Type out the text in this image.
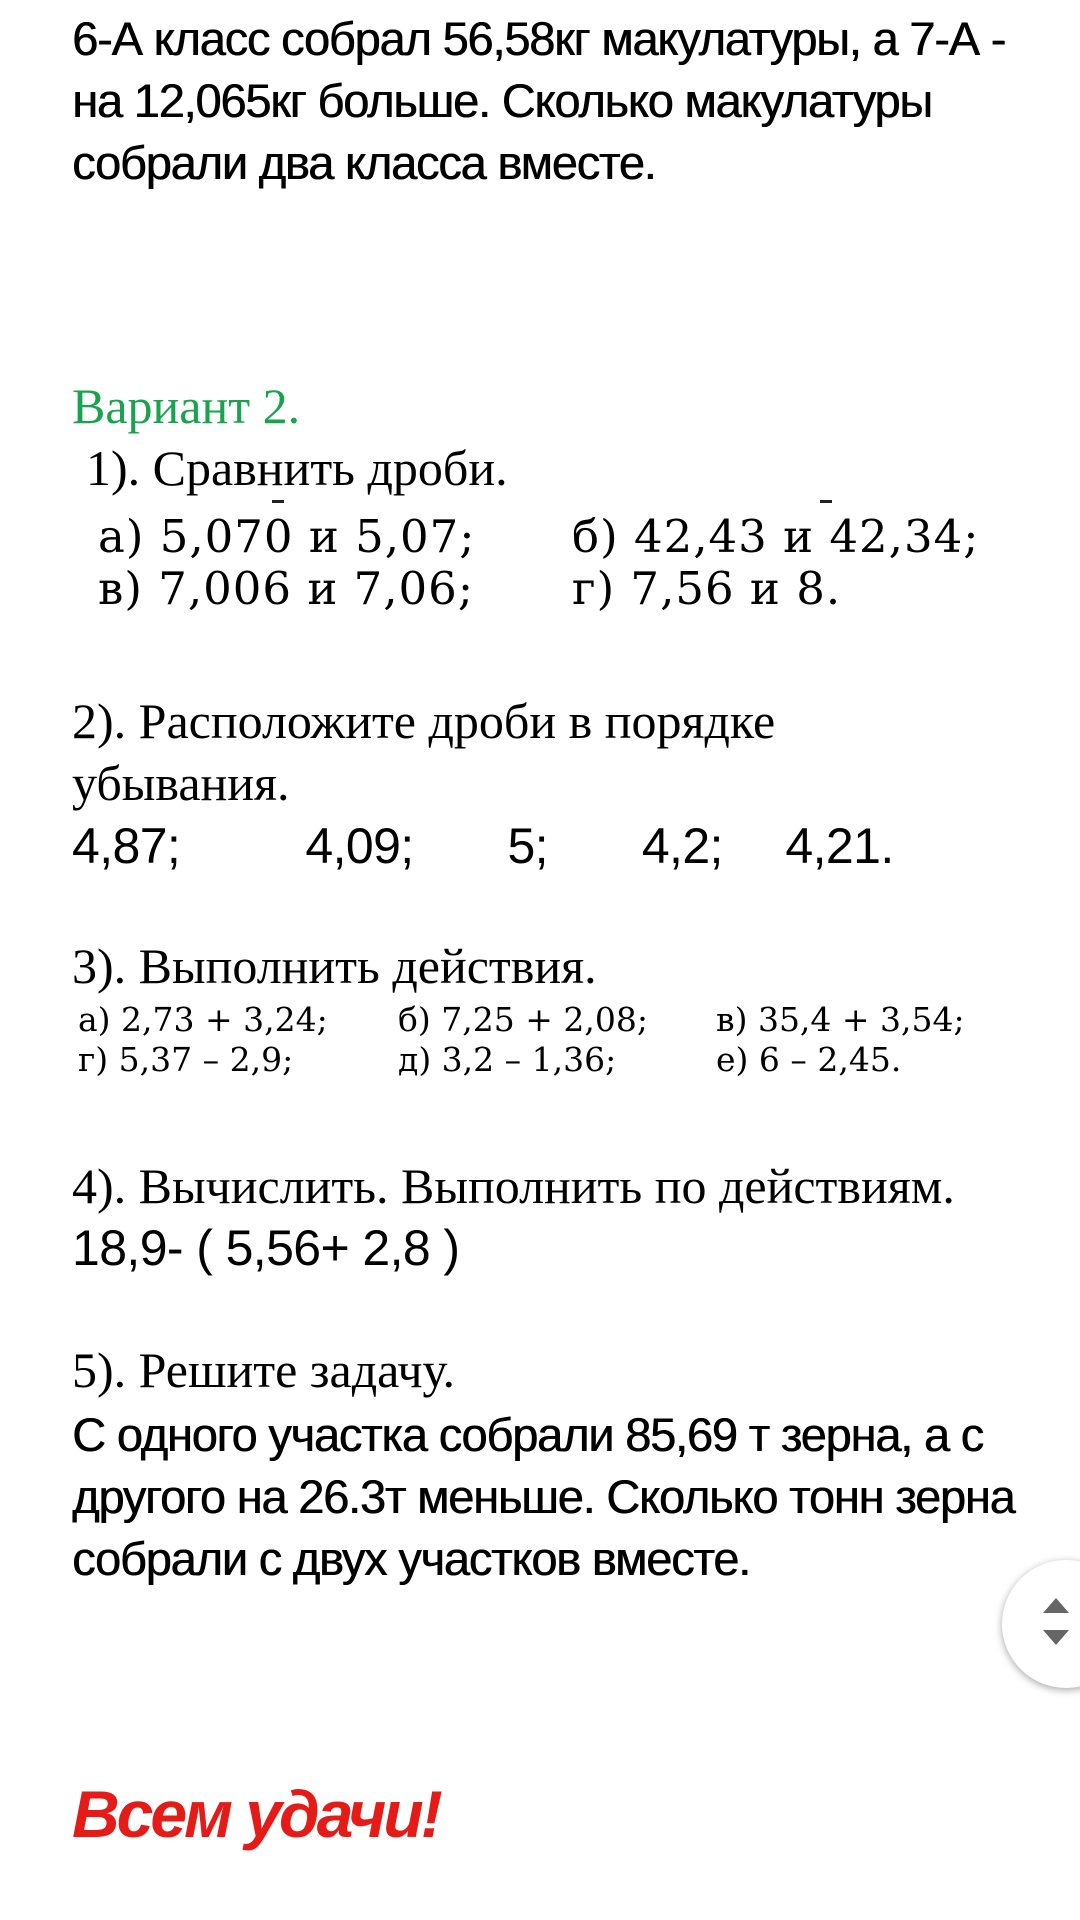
6-А класс собрал 56,58кг макулатуры, а 7-А - на 12,065кг больше. Сколько макулатуры собрали два класса вместе.
Вариант 2.
1). Сравнить дроби.
а) 5,070 и 5,07;	б) 42,43 и 42,34;
в) 7,006 и 7,06;	г) 7,56 и 8.
2). Расположите дроби в порядке убывания.
4,87;    4,09;   5;   4,2;  4,21.
3). Выполнить действия.
а) 2,73 + 3,24;	б) 7,25 + 2,08;	в) 35,4 + 3,54;
г) 5,37 – 2,9;	д) 3,2 – 1,36;	е) 6 – 2,45.
4). Вычислить. Выполнить по действиям.
18,9- ( 5,56+ 2,8 )
5). Решите задачу.
С одного участка собрали 85,69 т зерна, а с другого на 26.3т меньше. Сколько тонн зерна собрали с двух участков вместе.
Всем удачи!
